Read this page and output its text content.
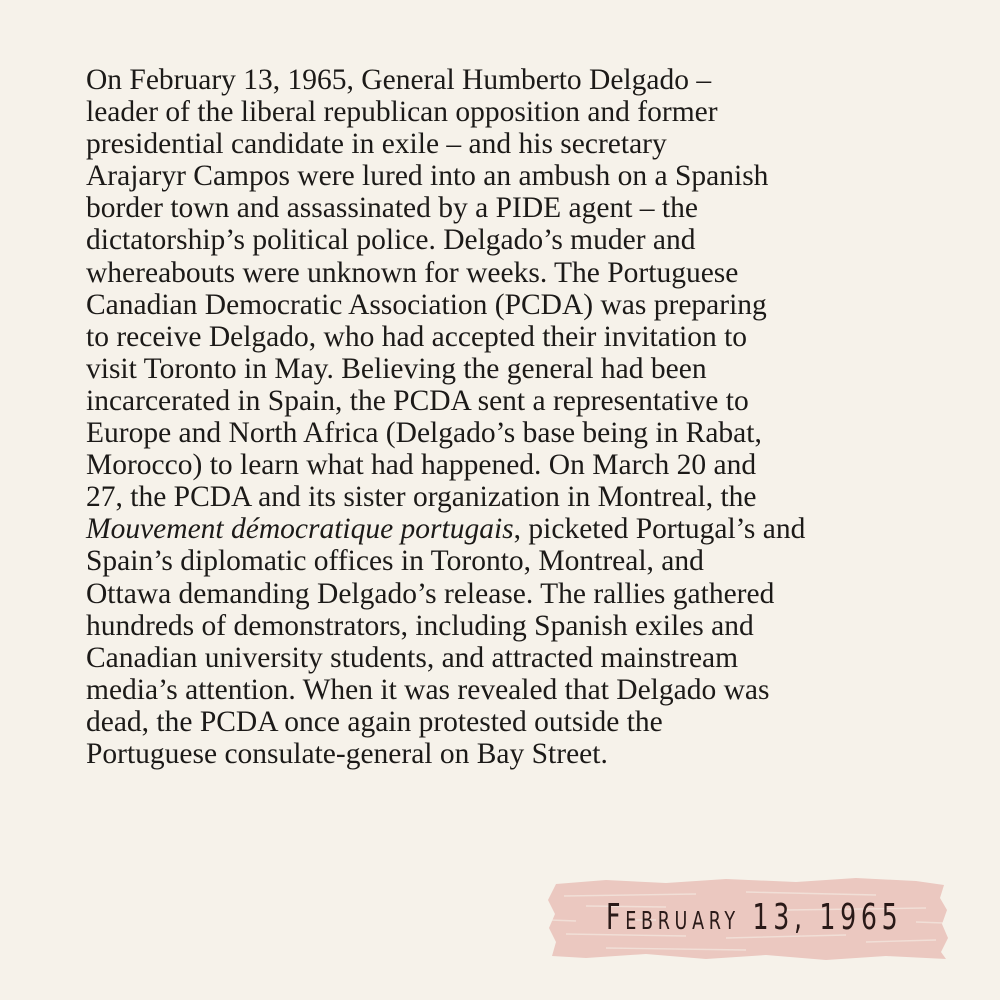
On February 13, 1965, General Humberto Delgado –
leader of the liberal republican opposition and former
presidential candidate in exile – and his secretary
Arajaryr Campos were lured into an ambush on a Spanish
border town and assassinated by a PIDE agent – the
dictatorship’s political police. Delgado’s muder and
whereabouts were unknown for weeks. The Portuguese
Canadian Democratic Association (PCDA) was preparing
to receive Delgado, who had accepted their invitation to
visit Toronto in May. Believing the general had been
incarcerated in Spain, the PCDA sent a representative to
Europe and North Africa (Delgado’s base being in Rabat,
Morocco) to learn what had happened. On March 20 and
27, the PCDA and its sister organization in Montreal, the
Mouvement démocratique portugais, picketed Portugal’s and
Spain’s diplomatic offices in Toronto, Montreal, and
Ottawa demanding Delgado’s release. The rallies gathered
hundreds of demonstrators, including Spanish exiles and
Canadian university students, and attracted mainstream
media’s attention. When it was revealed that Delgado was
dead, the PCDA once again protested outside the
Portuguese consulate-general on Bay Street.

February 13, 1965
